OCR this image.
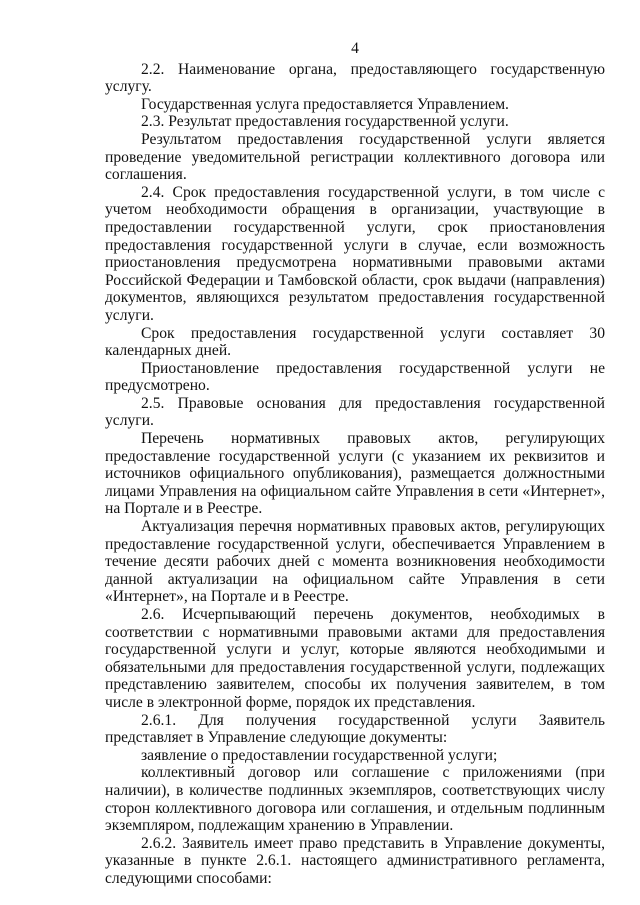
4

2.2. Наименование органа, предоставляющего государственную услугу.

Государственная услуга предоставляется Управлением.

2.3. Результат предоставления государственной услуги.

Результатом предоставления государственной услуги является проведение уведомительной регистрации коллективного договора или соглашения.

2.4. Срок предоставления государственной услуги, в том числе с учетом необходимости обращения в организации, участвующие в предоставлении государственной услуги, срок приостановления предоставления государственной услуги в случае, если возможность приостановления предусмотрена нормативными правовыми актами Российской Федерации и Тамбовской области, срок выдачи (направления) документов, являющихся результатом предоставления государственной услуги.

Срок предоставления государственной услуги составляет 30 календарных дней.

Приостановление предоставления государственной услуги не предусмотрено.

2.5. Правовые основания для предоставления государственной услуги.

Перечень нормативных правовых актов, регулирующих предоставление государственной услуги (с указанием их реквизитов и источников официального опубликования), размещается должностными лицами Управления на официальном сайте Управления в сети «Интернет», на Портале и в Реестре.

Актуализация перечня нормативных правовых актов, регулирующих предоставление государственной услуги, обеспечивается Управлением в течение десяти рабочих дней с момента возникновения необходимости данной актуализации на официальном сайте Управления в сети «Интернет», на Портале и в Реестре.

2.6. Исчерпывающий перечень документов, необходимых в соответствии с нормативными правовыми актами для предоставления государственной услуги и услуг, которые являются необходимыми и обязательными для предоставления государственной услуги, подлежащих представлению заявителем, способы их получения заявителем, в том числе в электронной форме, порядок их представления.

2.6.1. Для получения государственной услуги Заявитель представляет в Управление следующие документы:

заявление о предоставлении государственной услуги;

коллективный договор или соглашение с приложениями (при наличии), в количестве подлинных экземпляров, соответствующих числу сторон коллективного договора или соглашения, и отдельным подлинным экземпляром, подлежащим хранению в Управлении.

2.6.2. Заявитель имеет право представить в Управление документы, указанные в пункте 2.6.1. настоящего административного регламента, следующими способами:
